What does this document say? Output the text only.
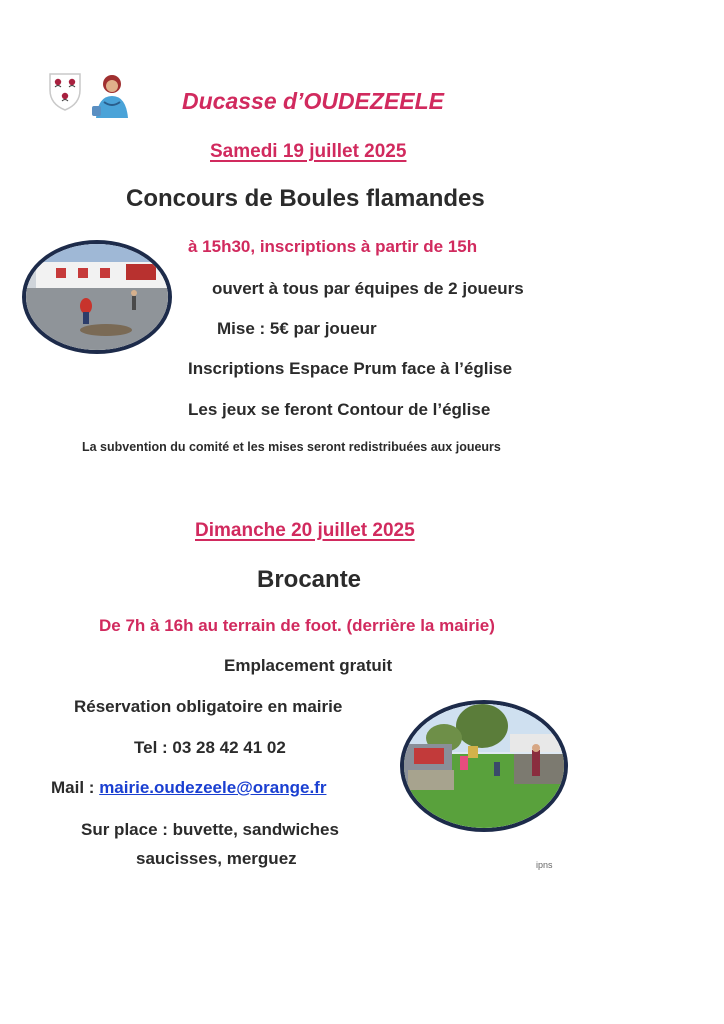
Ducasse d’OUDEZEELE
Samedi 19 juillet 2025
Concours de Boules flamandes
à 15h30, inscriptions à partir de 15h
ouvert à tous par équipes de 2 joueurs
Mise : 5€ par joueur
Inscriptions Espace Prum face à l’église
Les jeux se feront Contour de l’église
La subvention du comité et les mises seront redistribuées aux joueurs
Dimanche 20 juillet 2025
Brocante
De 7h à 16h au terrain de foot. (derrière la mairie)
Emplacement gratuit
Réservation obligatoire en mairie
Tel : 03 28 42 41 02
Mail : mairie.oudezeele@orange.fr
Sur place : buvette, sandwiches
saucisses, merguez	ipns
